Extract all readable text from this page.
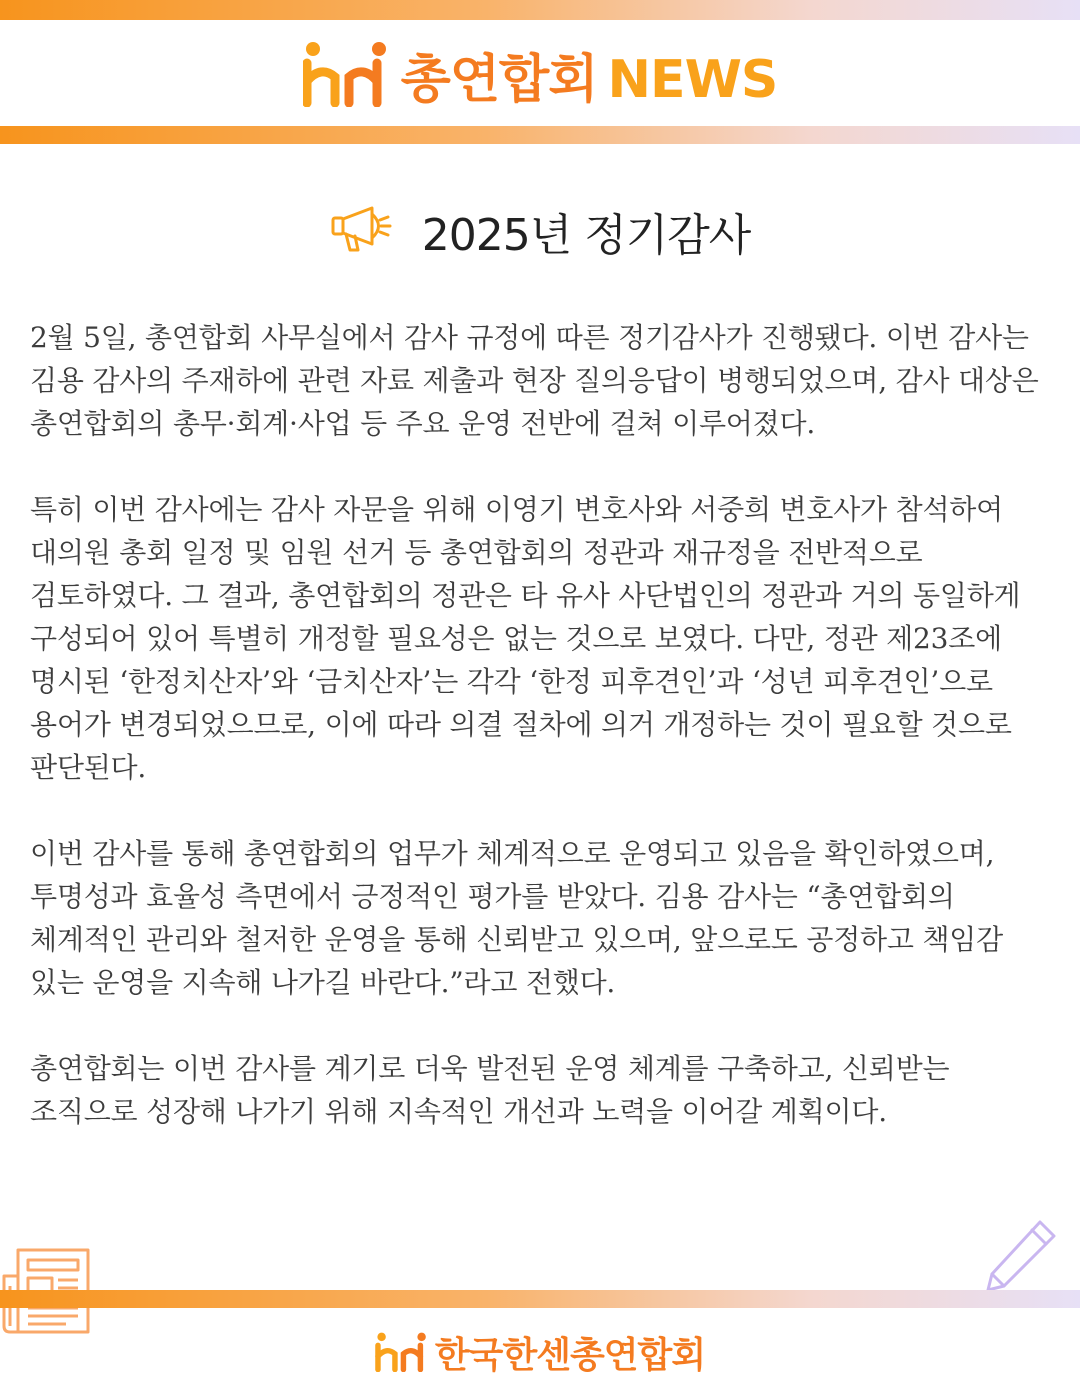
총연합회 NEWS
2025년 정기감사

2월 5일, 총연합회 사무실에서 감사 규정에 따른 정기감사가 진행됐다. 이번 감사는 김용 감사의 주재하에 관련 자료 제출과 현장 질의응답이 병행되었으며, 감사 대상은 총연합회의 총무·회계·사업 등 주요 운영 전반에 걸쳐 이루어졌다.

특히 이번 감사에는 감사 자문을 위해 이영기 변호사와 서중희 변호사가 참석하여 대의원 총회 일정 및 임원 선거 등 총연합회의 정관과 재규정을 전반적으로 검토하였다. 그 결과, 총연합회의 정관은 타 유사 사단법인의 정관과 거의 동일하게 구성되어 있어 특별히 개정할 필요성은 없는 것으로 보였다. 다만, 정관 제23조에 명시된 ‘한정치산자’와 ‘금치산자’는 각각 ‘한정 피후견인’과 ‘성년 피후견인’으로 용어가 변경되었으므로, 이에 따라 의결 절차에 의거 개정하는 것이 필요할 것으로 판단된다.

이번 감사를 통해 총연합회의 업무가 체계적으로 운영되고 있음을 확인하였으며, 투명성과 효율성 측면에서 긍정적인 평가를 받았다. 김용 감사는 “총연합회의 체계적인 관리와 철저한 운영을 통해 신뢰받고 있으며, 앞으로도 공정하고 책임감 있는 운영을 지속해 나가길 바란다.”라고 전했다.

총연합회는 이번 감사를 계기로 더욱 발전된 운영 체계를 구축하고, 신뢰받는 조직으로 성장해 나가기 위해 지속적인 개선과 노력을 이어갈 계획이다.

한국한센총연합회
